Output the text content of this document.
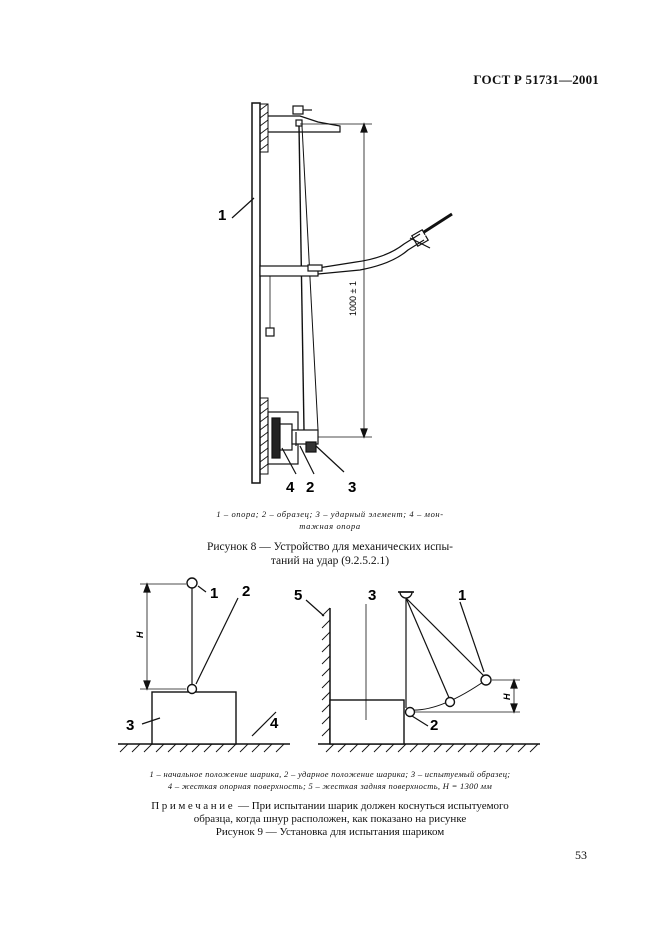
ГОСТ Р 51731—2001
1
4 2 3
1000 ± 1
1 – опора; 2 – образец; 3 – ударный элемент; 4 – мон-
тажная опора
Рисунок 8 — Устройство для механических испы-
таний на удар (9.2.5.2.1)
1 2
3	4
5	3	1
2
H
H
1 – начальное положение шарика, 2 – ударное положение шарика; 3 – испытуемый образец;
4 – жесткая опорная поверхность; 5 – жесткая задняя поверхность, H = 1300 мм
Примечание — При испытании шарик должен коснуться испытуемого
образца, когда шнур расположен, как показано на рисунке
Рисунок 9 — Установка для испытания шариком
53
